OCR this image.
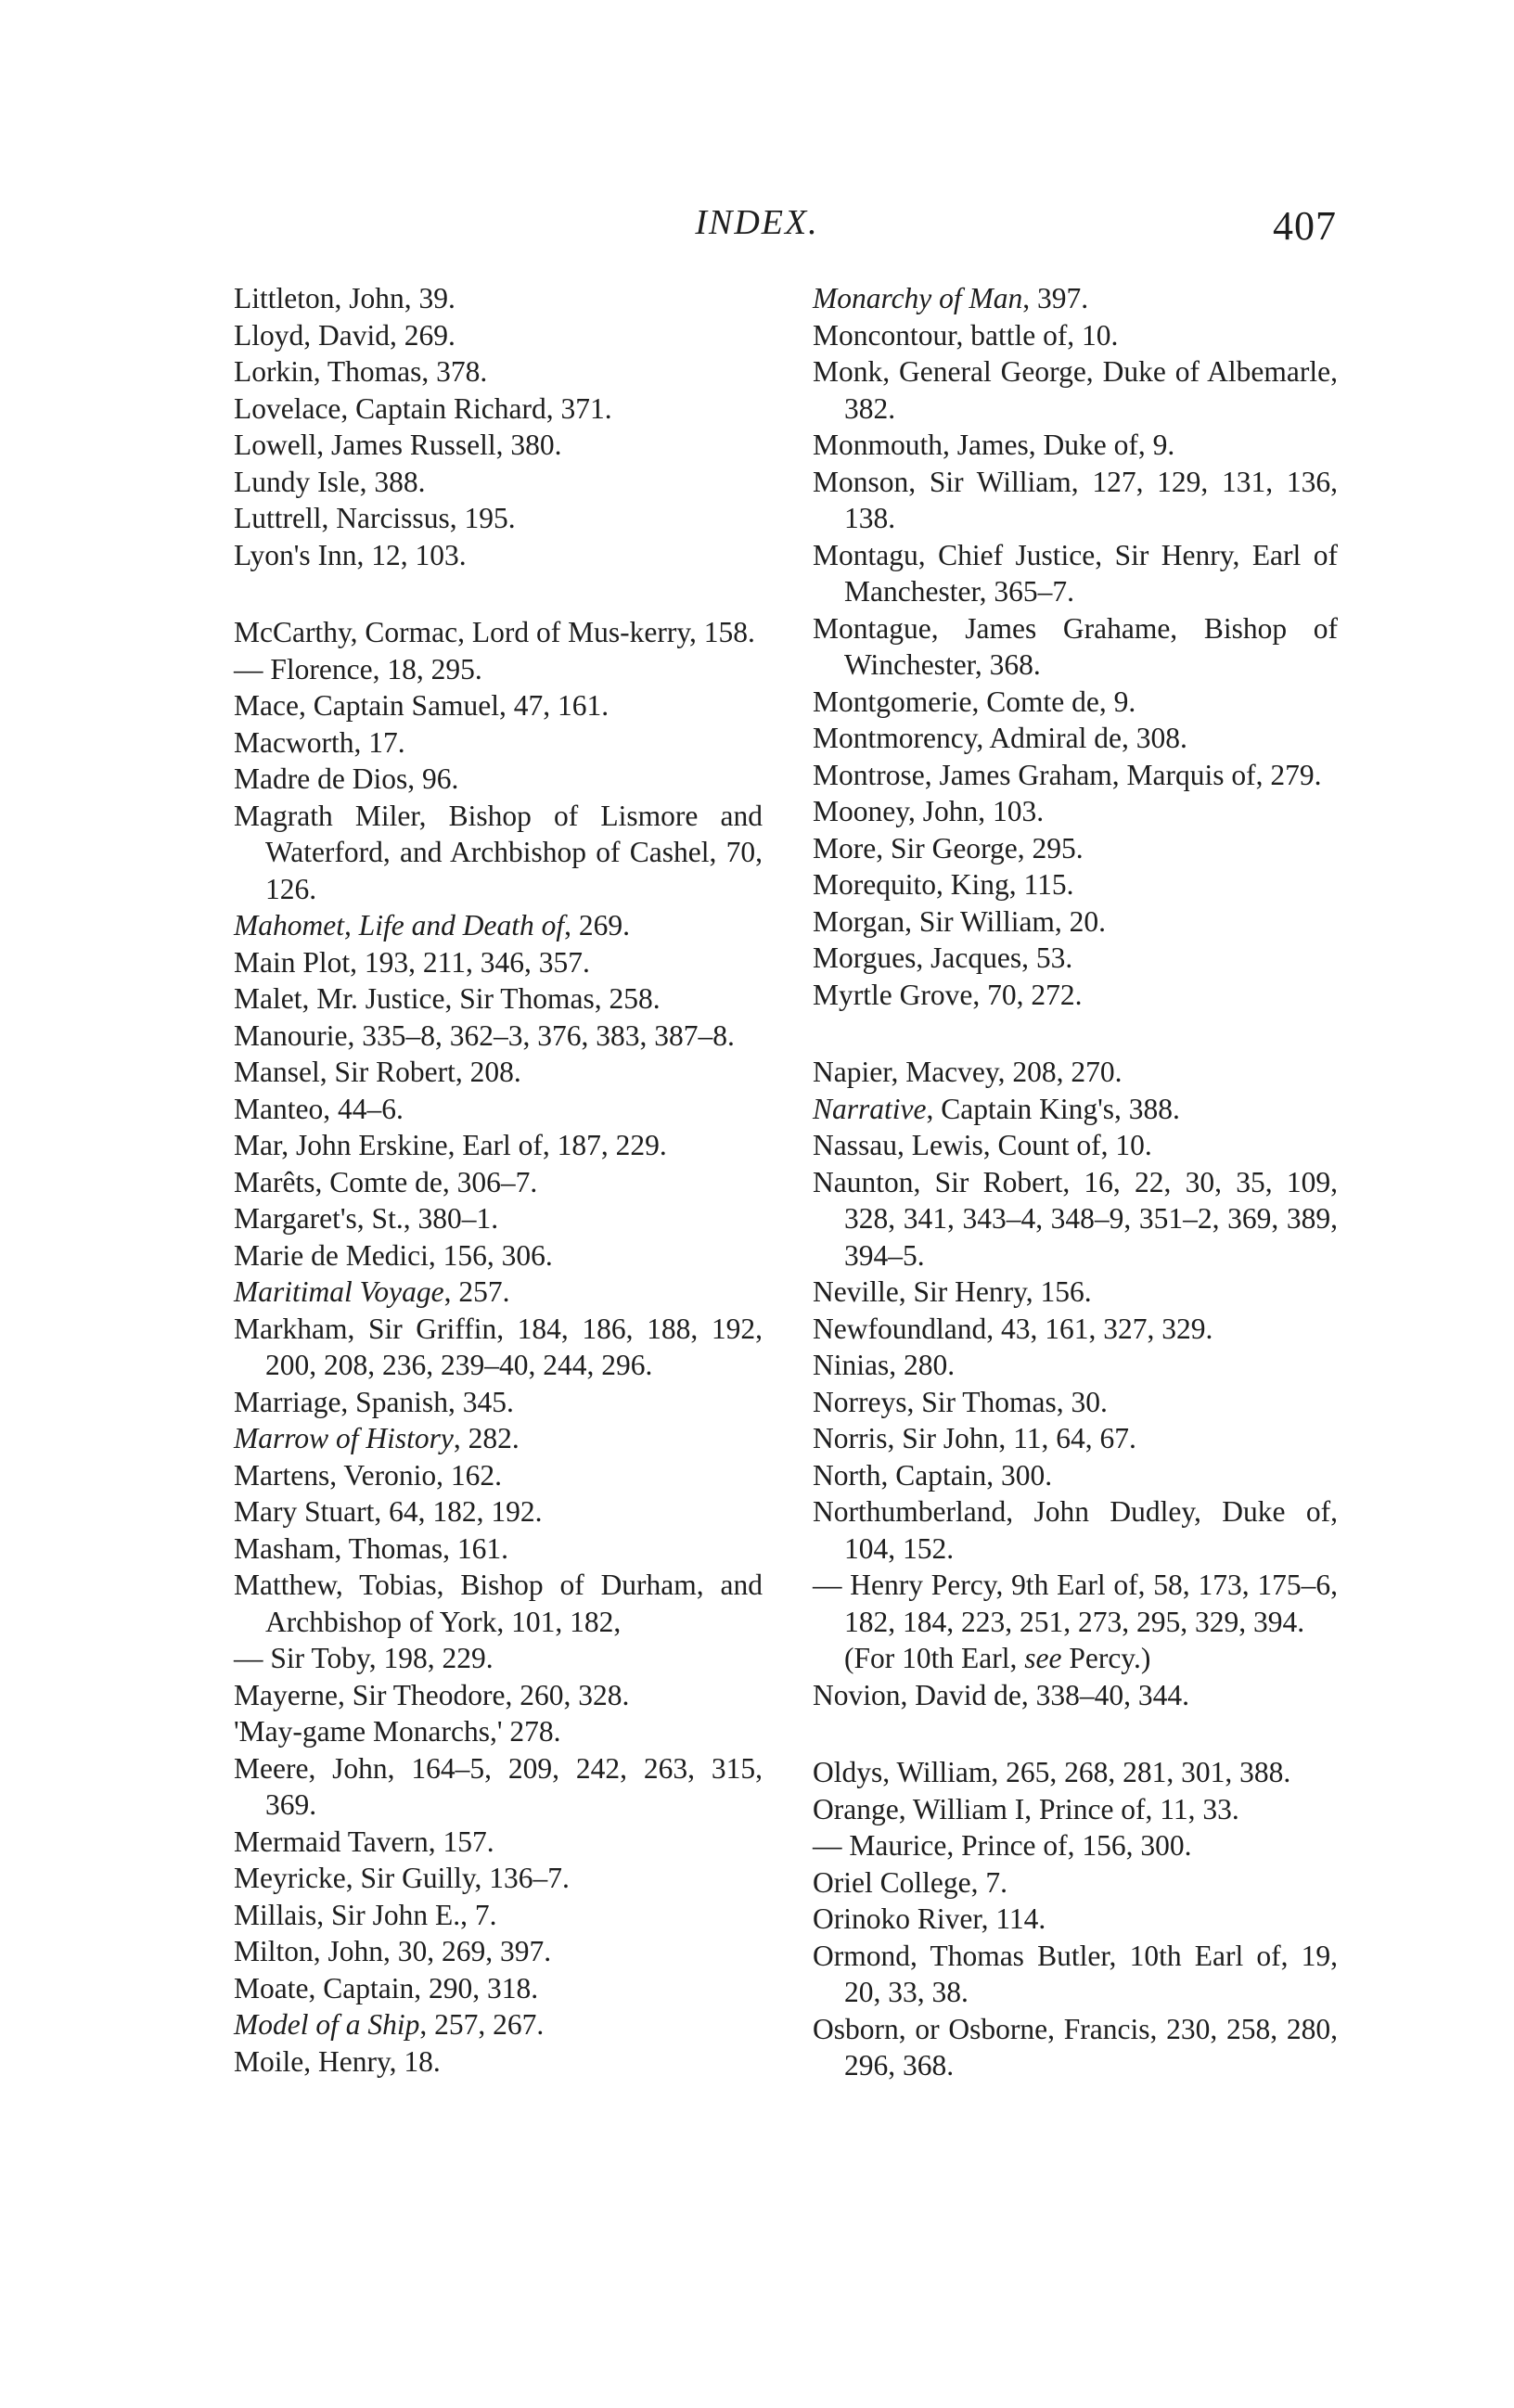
INDEX.	407
Littleton, John, 39.
Lloyd, David, 269.
Lorkin, Thomas, 378.
Lovelace, Captain Richard, 371.
Lowell, James Russell, 380.
Lundy Isle, 388.
Luttrell, Narcissus, 195.
Lyon's Inn, 12, 103.
McCarthy, Cormac, Lord of Mus-kerry, 158.
— Florence, 18, 295.
Mace, Captain Samuel, 47, 161.
Macworth, 17.
Madre de Dios, 96.
Magrath Miler, Bishop of Lismore and Waterford, and Archbishop of Cashel, 70, 126.
Mahomet, Life and Death of, 269.
Main Plot, 193, 211, 346, 357.
Malet, Mr. Justice, Sir Thomas, 258.
Manourie, 335–8, 362–3, 376, 383, 387–8.
Mansel, Sir Robert, 208.
Manteo, 44–6.
Mar, John Erskine, Earl of, 187, 229.
Marêts, Comte de, 306–7.
Margaret's, St., 380–1.
Marie de Medici, 156, 306.
Maritimal Voyage, 257.
Markham, Sir Griffin, 184, 186, 188, 192, 200, 208, 236, 239–40, 244, 296.
Marriage, Spanish, 345.
Marrow of History, 282.
Martens, Veronio, 162.
Mary Stuart, 64, 182, 192.
Masham, Thomas, 161.
Matthew, Tobias, Bishop of Durham, and Archbishop of York, 101, 182,
— Sir Toby, 198, 229.
Mayerne, Sir Theodore, 260, 328.
'May-game Monarchs,' 278.
Meere, John, 164–5, 209, 242, 263, 315, 369.
Mermaid Tavern, 157.
Meyricke, Sir Guilly, 136–7.
Millais, Sir John E., 7.
Milton, John, 30, 269, 397.
Moate, Captain, 290, 318.
Model of a Ship, 257, 267.
Moile, Henry, 18.
Monarchy of Man, 397.
Moncontour, battle of, 10.
Monk, General George, Duke of Albemarle, 382.
Monmouth, James, Duke of, 9.
Monson, Sir William, 127, 129, 131, 136, 138.
Montagu, Chief Justice, Sir Henry, Earl of Manchester, 365–7.
Montague, James Grahame, Bishop of Winchester, 368.
Montgomerie, Comte de, 9.
Montmorency, Admiral de, 308.
Montrose, James Graham, Marquis of, 279.
Mooney, John, 103.
More, Sir George, 295.
Morequito, King, 115.
Morgan, Sir William, 20.
Morgues, Jacques, 53.
Myrtle Grove, 70, 272.
Napier, Macvey, 208, 270.
Narrative, Captain King's, 388.
Nassau, Lewis, Count of, 10.
Naunton, Sir Robert, 16, 22, 30, 35, 109, 328, 341, 343–4, 348–9, 351–2, 369, 389, 394–5.
Neville, Sir Henry, 156.
Newfoundland, 43, 161, 327, 329.
Ninias, 280.
Norreys, Sir Thomas, 30.
Norris, Sir John, 11, 64, 67.
North, Captain, 300.
Northumberland, John Dudley, Duke of, 104, 152.
— Henry Percy, 9th Earl of, 58, 173, 175–6, 182, 184, 223, 251, 273, 295, 329, 394.
(For 10th Earl, see Percy.)
Novion, David de, 338–40, 344.
Oldys, William, 265, 268, 281, 301, 388.
Orange, William I, Prince of, 11, 33.
— Maurice, Prince of, 156, 300.
Oriel College, 7.
Orinoko River, 114.
Ormond, Thomas Butler, 10th Earl of, 19, 20, 33, 38.
Osborn, or Osborne, Francis, 230, 258, 280, 296, 368.
